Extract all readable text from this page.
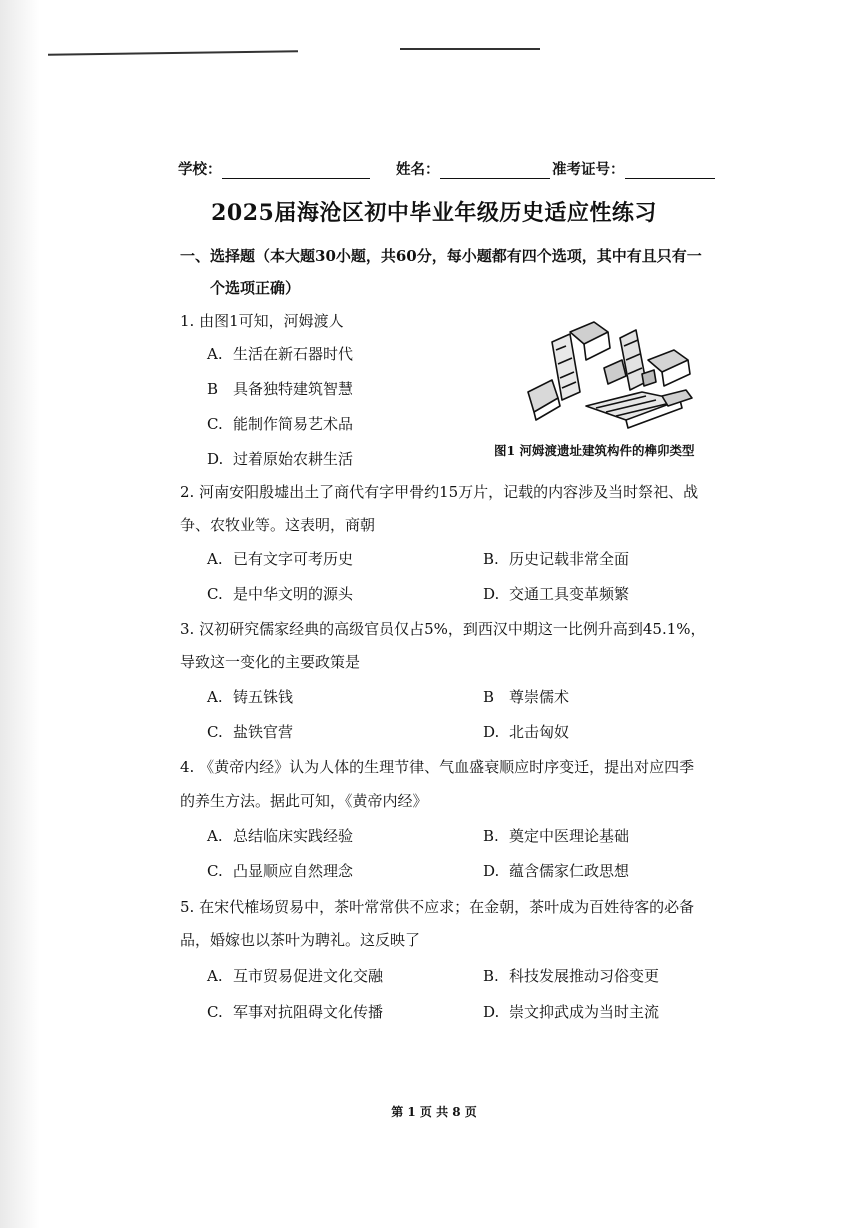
学校：	姓名：	准考证号：
2025届海沧区初中毕业年级历史适应性练习
一、选择题（本大题30小题，共60分，每小题都有四个选项，其中有且只有一
个选项正确）
1. 由图1可知，河姆渡人
A. 生活在新石器时代
B 具备独特建筑智慧
C. 能制作简易艺术品
D. 过着原始农耕生活	图1 河姆渡遗址建筑构件的榫卯类型
2. 河南安阳殷墟出土了商代有字甲骨约15万片，记载的内容涉及当时祭祀、战
争、农牧业等。这表明，商朝
A. 已有文字可考历史	B. 历史记载非常全面
C. 是中华文明的源头	D. 交通工具变革频繁
3. 汉初研究儒家经典的高级官员仅占5%，到西汉中期这一比例升高到45.1%，
导致这一变化的主要政策是
A. 铸五铢钱	B 尊崇儒术
C. 盐铁官营	D. 北击匈奴
4. 《黄帝内经》认为人体的生理节律、气血盛衰顺应时序变迁，提出对应四季
的养生方法。据此可知，《黄帝内经》
A. 总结临床实践经验	B. 奠定中医理论基础
C. 凸显顺应自然理念	D. 蕴含儒家仁政思想
5. 在宋代榷场贸易中，茶叶常常供不应求；在金朝，茶叶成为百姓待客的必备
品，婚嫁也以茶叶为聘礼。这反映了
A. 互市贸易促进文化交融	B. 科技发展推动习俗变更
C. 军事对抗阻碍文化传播	D. 崇文抑武成为当时主流
第 1 页 共 8 页
